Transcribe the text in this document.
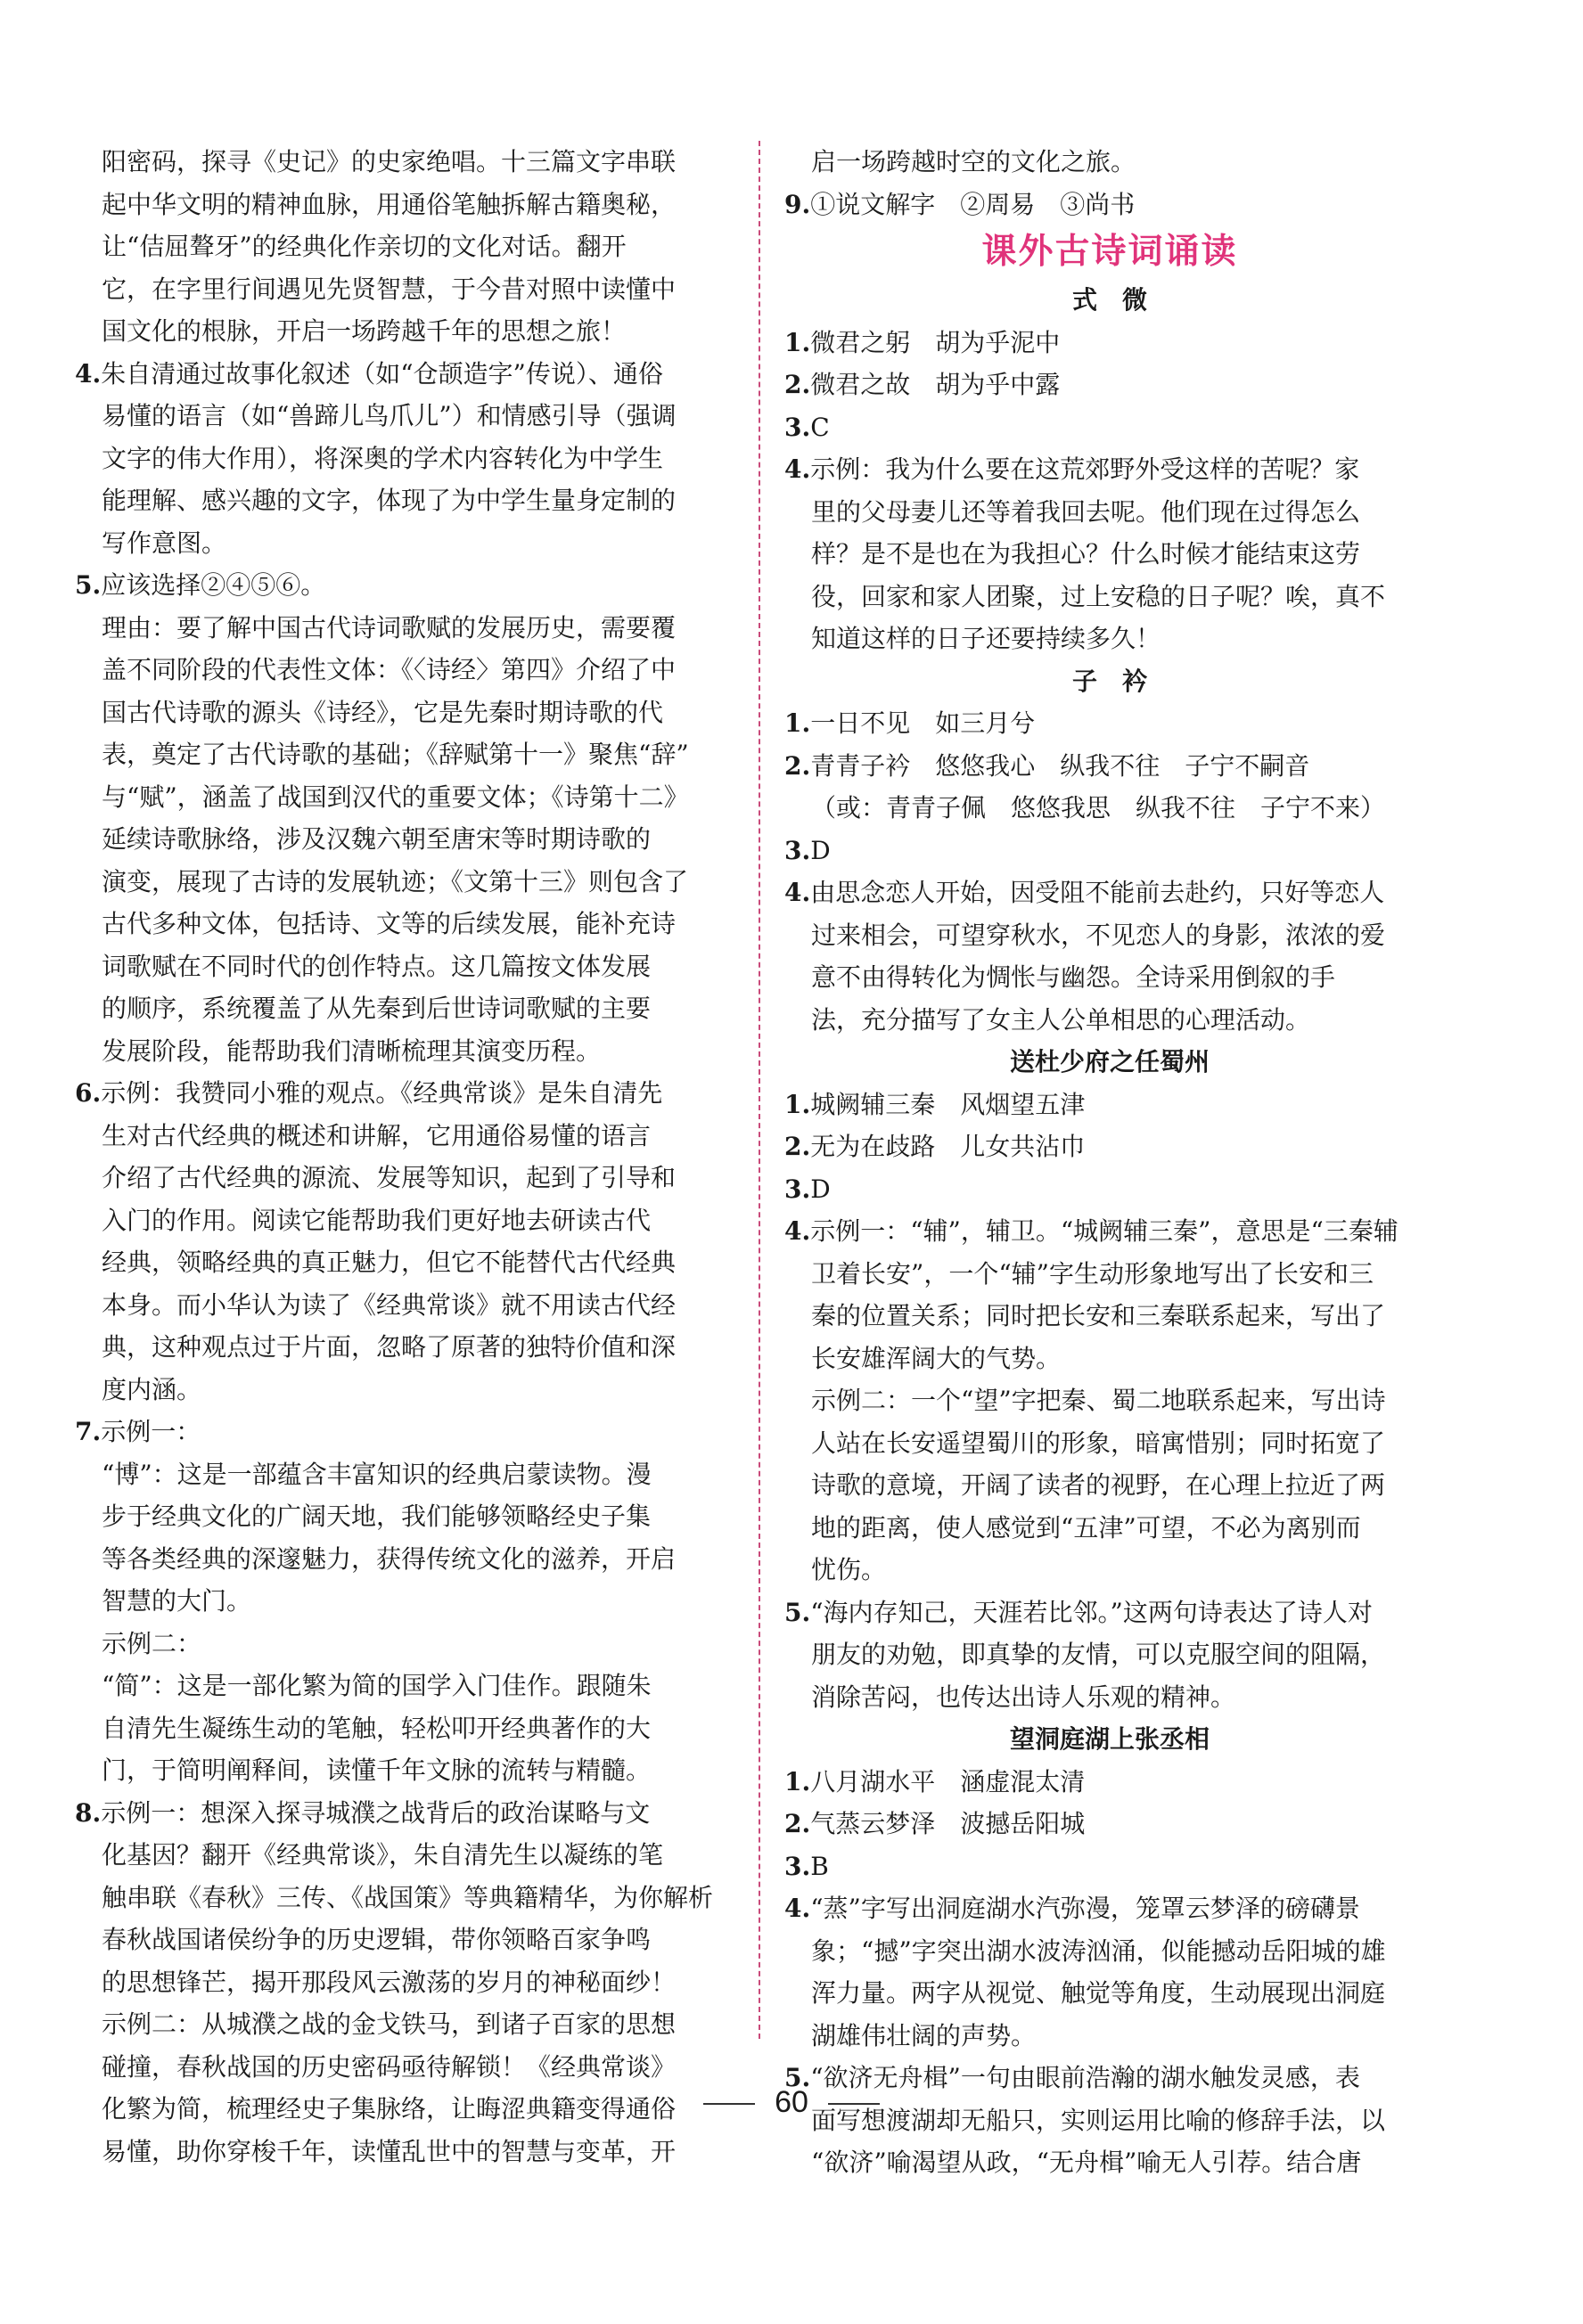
阳密码，探寻《史记》的史家绝唱。十三篇文字串联

起中华文明的精神血脉，用通俗笔触拆解古籍奥秘，

让“佶屈聱牙”的经典化作亲切的文化对话。翻开

它，在字里行间遇见先贤智慧，于今昔对照中读懂中

国文化的根脉，开启一场跨越千年的思想之旅！

4.朱自清通过故事化叙述（如“仓颉造字”传说）、通俗

易懂的语言（如“兽蹄儿鸟爪儿”）和情感引导（强调

文字的伟大作用），将深奥的学术内容转化为中学生

能理解、感兴趣的文字，体现了为中学生量身定制的

写作意图。

5.应该选择②④⑤⑥。

理由：要了解中国古代诗词歌赋的发展历史，需要覆

盖不同阶段的代表性文体：《〈诗经〉第四》介绍了中

国古代诗歌的源头《诗经》，它是先秦时期诗歌的代

表，奠定了古代诗歌的基础；《辞赋第十一》聚焦“辞”

与“赋”，涵盖了战国到汉代的重要文体；《诗第十二》

延续诗歌脉络，涉及汉魏六朝至唐宋等时期诗歌的

演变，展现了古诗的发展轨迹；《文第十三》则包含了

古代多种文体，包括诗、文等的后续发展，能补充诗

词歌赋在不同时代的创作特点。这几篇按文体发展

的顺序，系统覆盖了从先秦到后世诗词歌赋的主要

发展阶段，能帮助我们清晰梳理其演变历程。

6.示例：我赞同小雅的观点。《经典常谈》是朱自清先

生对古代经典的概述和讲解，它用通俗易懂的语言

介绍了古代经典的源流、发展等知识，起到了引导和

入门的作用。阅读它能帮助我们更好地去研读古代

经典，领略经典的真正魅力，但它不能替代古代经典

本身。而小华认为读了《经典常谈》就不用读古代经

典，这种观点过于片面，忽略了原著的独特价值和深

度内涵。

7.示例一：

“博”：这是一部蕴含丰富知识的经典启蒙读物。漫

步于经典文化的广阔天地，我们能够领略经史子集

等各类经典的深邃魅力，获得传统文化的滋养，开启

智慧的大门。

示例二：

“简”：这是一部化繁为简的国学入门佳作。跟随朱

自清先生凝练生动的笔触，轻松叩开经典著作的大

门，于简明阐释间，读懂千年文脉的流转与精髓。

8.示例一：想深入探寻城濮之战背后的政治谋略与文

化基因？翻开《经典常谈》，朱自清先生以凝练的笔

触串联《春秋》三传、《战国策》等典籍精华，为你解析

春秋战国诸侯纷争的历史逻辑，带你领略百家争鸣

的思想锋芒，揭开那段风云激荡的岁月的神秘面纱！

示例二：从城濮之战的金戈铁马，到诸子百家的思想

碰撞，春秋战国的历史密码亟待解锁！《经典常谈》

化繁为简，梳理经史子集脉络，让晦涩典籍变得通俗

易懂，助你穿梭千年，读懂乱世中的智慧与变革，开

启一场跨越时空的文化之旅。

9.①说文解字　②周易　③尚书

课外古诗词诵读

式　微

1.微君之躬　胡为乎泥中

2.微君之故　胡为乎中露

3.C

4.示例：我为什么要在这荒郊野外受这样的苦呢？家

里的父母妻儿还等着我回去呢。他们现在过得怎么

样？是不是也在为我担心？什么时候才能结束这劳

役，回家和家人团聚，过上安稳的日子呢？唉，真不

知道这样的日子还要持续多久！

子　衿

1.一日不见　如三月兮

2.青青子衿　悠悠我心　纵我不往　子宁不嗣音

（或：青青子佩　悠悠我思　纵我不往　子宁不来）

3.D

4.由思念恋人开始，因受阻不能前去赴约，只好等恋人

过来相会，可望穿秋水，不见恋人的身影，浓浓的爱

意不由得转化为惆怅与幽怨。全诗采用倒叙的手

法，充分描写了女主人公单相思的心理活动。

送杜少府之任蜀州

1.城阙辅三秦　风烟望五津

2.无为在歧路　儿女共沾巾

3.D

4.示例一：“辅”，辅卫。“城阙辅三秦”，意思是“三秦辅

卫着长安”，一个“辅”字生动形象地写出了长安和三

秦的位置关系；同时把长安和三秦联系起来，写出了

长安雄浑阔大的气势。

示例二：一个“望”字把秦、蜀二地联系起来，写出诗

人站在长安遥望蜀川的形象，暗寓惜别；同时拓宽了

诗歌的意境，开阔了读者的视野，在心理上拉近了两

地的距离，使人感觉到“五津”可望，不必为离别而

忧伤。

5.“海内存知己，天涯若比邻。”这两句诗表达了诗人对

朋友的劝勉，即真挚的友情，可以克服空间的阻隔，

消除苦闷，也传达出诗人乐观的精神。

望洞庭湖上张丞相

1.八月湖水平　涵虚混太清

2.气蒸云梦泽　波撼岳阳城

3.B

4.“蒸”字写出洞庭湖水汽弥漫，笼罩云梦泽的磅礴景

象；“撼”字突出湖水波涛汹涌，似能撼动岳阳城的雄

浑力量。两字从视觉、触觉等角度，生动展现出洞庭

湖雄伟壮阔的声势。

5.“欲济无舟楫”一句由眼前浩瀚的湖水触发灵感，表

面写想渡湖却无船只，实则运用比喻的修辞手法，以

“欲济”喻渴望从政，“无舟楫”喻无人引荐。结合唐

60
